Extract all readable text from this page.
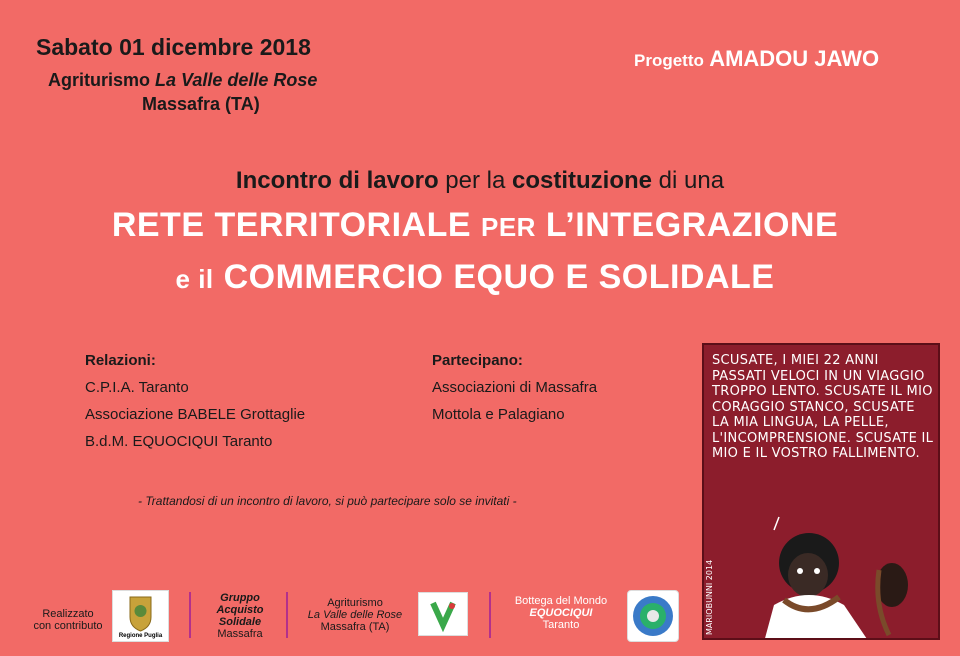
Sabato 01 dicembre 2018
Agriturismo La Valle delle Rose
Massafra (TA)
Progetto AMADOU JAWO
Incontro di lavoro per la costituzione di una
RETE TERRITORIALE PER L’INTEGRAZIONE
e il COMMERCIO EQUO E SOLIDALE
Relazioni:
C.P.I.A. Taranto
Associazione BABELE Grottaglie
B.d.M. EQUOCIQUI Taranto
Partecipano:
Associazioni di Massafra
Mottola e Palagiano
- Trattandosi di un incontro di lavoro, si può partecipare solo se invitati -
SCUSATE, I MIEI 22 ANNI PASSATI VELOCI IN UN VIAGGIO TROPPO LENTO. SCUSATE IL MIO CORAGGIO STANCO, SCUSATE LA MIA LINGUA, LA PELLE, L'INCOMPRENSIONE. SCUSATE IL MIO E IL VOSTRO FALLIMENTO.
MARIOBUNNI 2014
Realizzato
con contributo
Regione Puglia
Gruppo
Acquisto
Solidale
Massafra
Agriturismo
La Valle delle Rose
Massafra (TA)
Bottega del Mondo
EQUOCIQUI
Taranto
